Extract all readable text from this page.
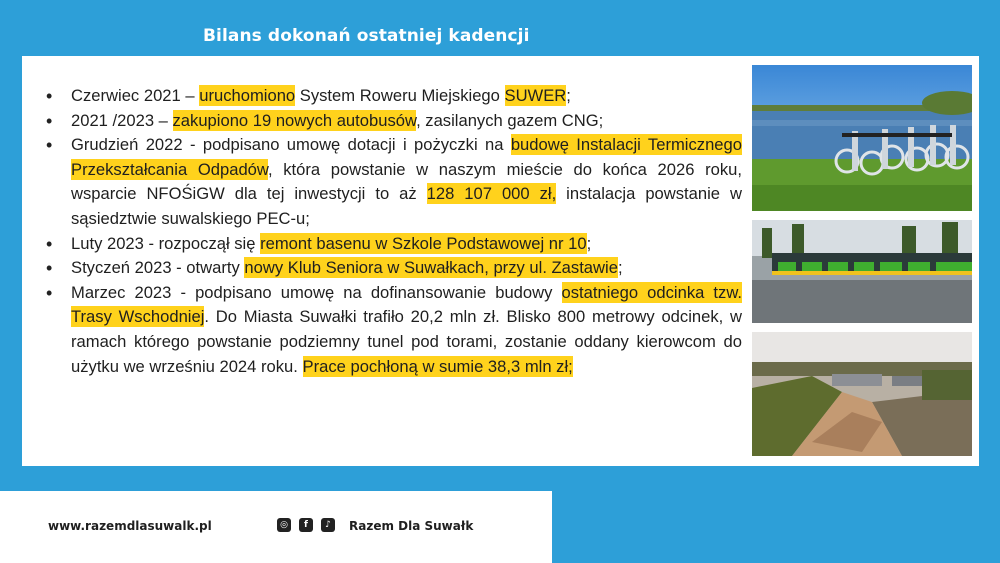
Bilans dokonań ostatniej kadencji
• Czerwiec 2021 – uruchomiono System Roweru Miejskiego SUWER;
• 2021 /2023 – zakupiono 19 nowych autobusów, zasilanych gazem CNG;
• Grudzień 2022 - podpisano umowę dotacji i pożyczki na budowę Instalacji Termicznego Przekształcania Odpadów, która powstanie w naszym mieście do końca 2026 roku, wsparcie NFOŚiGW dla tej inwestycji to aż 128 107 000 zł, instalacja powstanie w sąsiedztwie suwalskiego PEC-u;
• Luty 2023 - rozpoczął się remont basenu w Szkole Podstawowej nr 10;
• Styczeń 2023 - otwarty nowy Klub Seniora w Suwałkach, przy ul. Zastawie;
• Marzec 2023 - podpisano umowę na dofinansowanie budowy ostatniego odcinka tzw. Trasy Wschodniej. Do Miasta Suwałki trafiło 20,2 mln zł. Blisko 800 metrowy odcinek, w ramach którego powstanie podziemny tunel pod torami, zostanie oddany kierowcom do użytku we wrześniu 2024 roku. Prace pochłoną w sumie 38,3 mln zł;
www.razemdlasuwalk.pl	◎	f	♪	Razem Dla Suwałk
